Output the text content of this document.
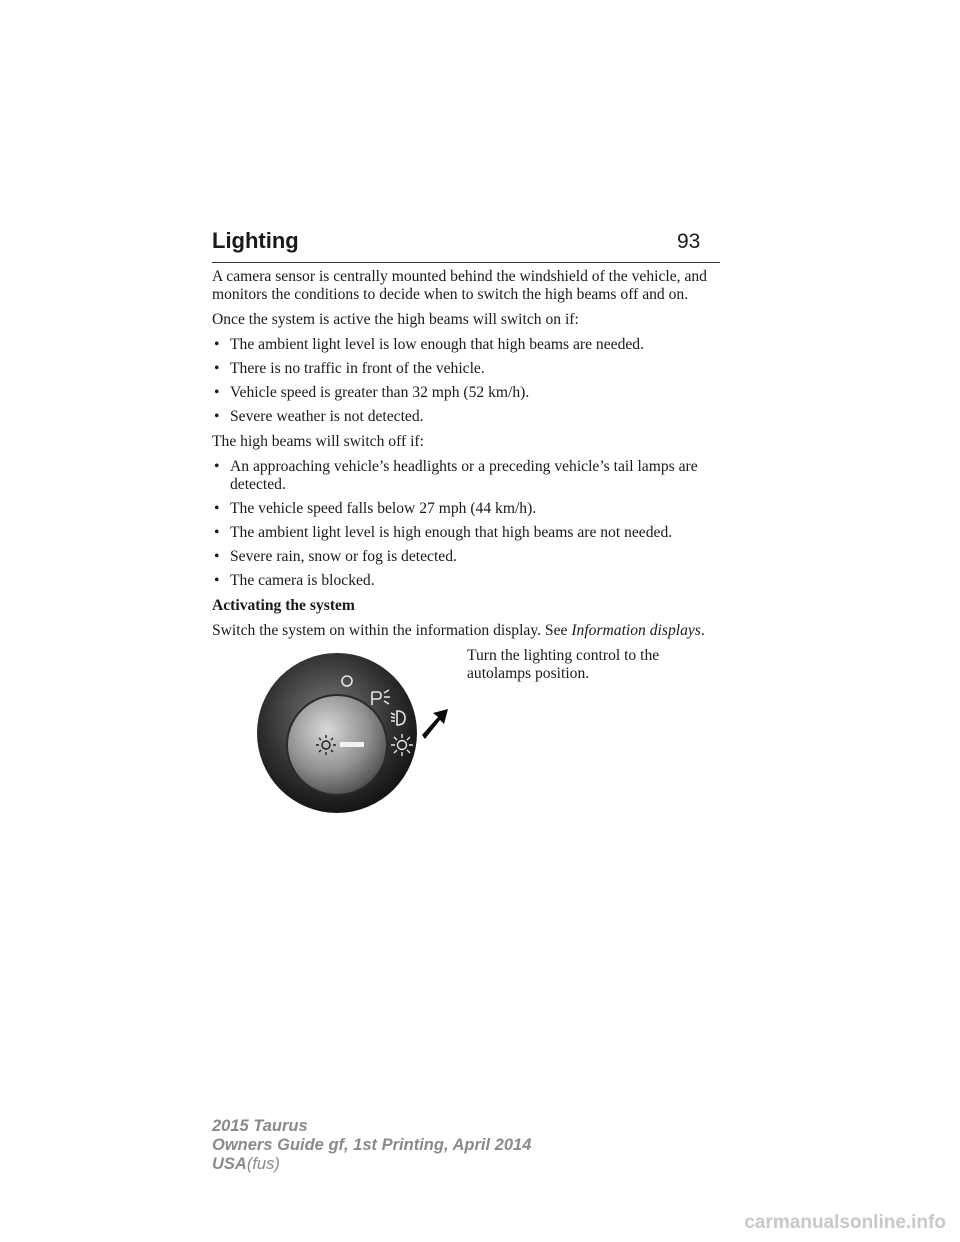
Lighting	93

A camera sensor is centrally mounted behind the windshield of the vehicle, and monitors the conditions to decide when to switch the high beams off and on.

Once the system is active the high beams will switch on if:

• The ambient light level is low enough that high beams are needed.
• There is no traffic in front of the vehicle.
• Vehicle speed is greater than 32 mph (52 km/h).
• Severe weather is not detected.

The high beams will switch off if:

• An approaching vehicle’s headlights or a preceding vehicle’s tail lamps are detected.
• The vehicle speed falls below 27 mph (44 km/h).
• The ambient light level is high enough that high beams are not needed.
• Severe rain, snow or fog is detected.
• The camera is blocked.

Activating the system

Switch the system on within the information display. See Information displays.

Turn the lighting control to the autolamps position.
2015 Taurus
Owners Guide gf, 1st Printing, April 2014
USA(fus)
carmanualsonline.info
